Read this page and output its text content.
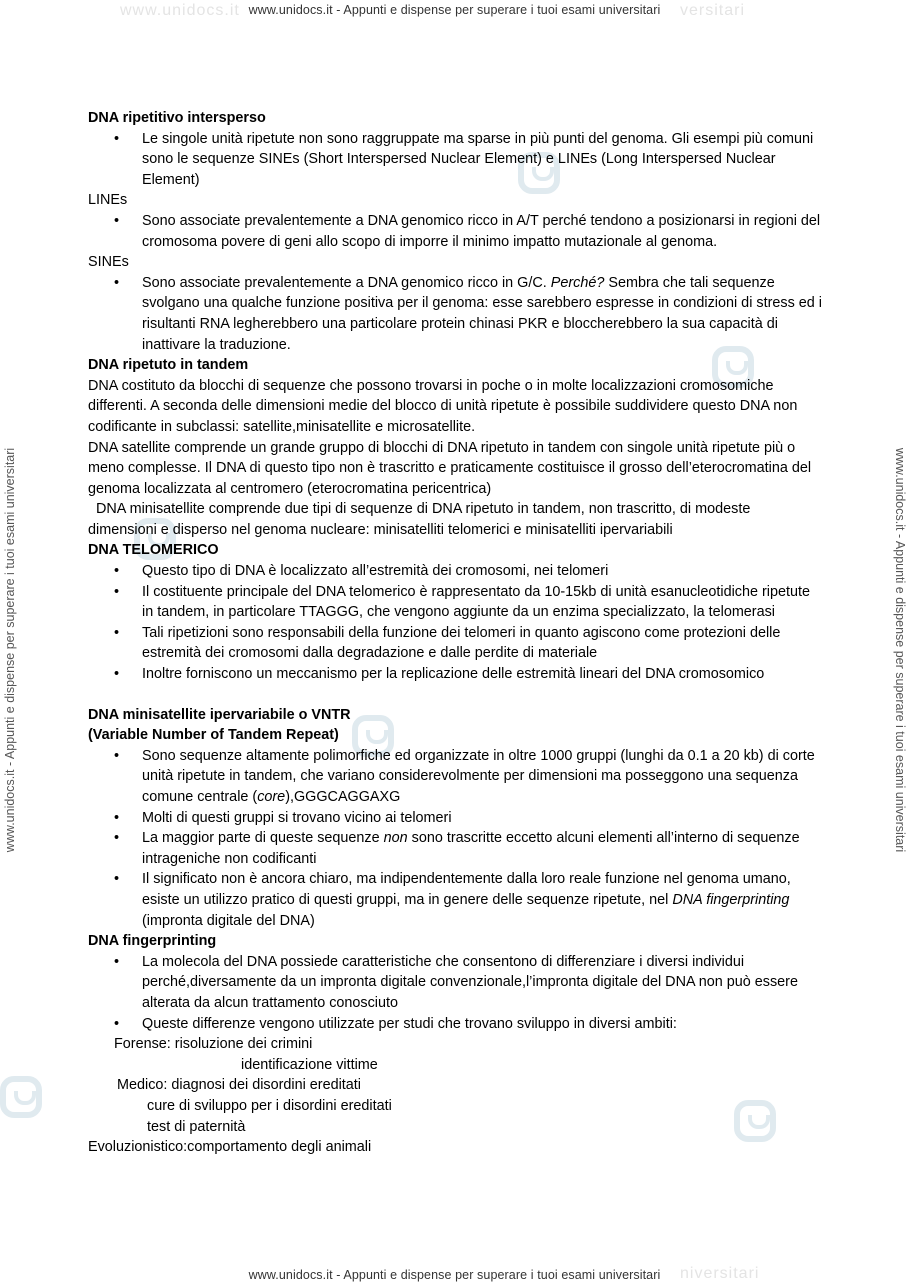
www.unidocs.it	versitari
www.unidocs.it - Appunti e dispense per superare i tuoi esami universitari
www.unidocs.it - Appunti e dispense per superare i tuoi esami universitari	www.unidocs.it - Appunti e dispense per superare i tuoi esami universitari
DNA ripetitivo intersperso
• Le singole unità ripetute non sono raggruppate ma sparse in più punti del genoma. Gli esempi più comuni sono le sequenze SINEs (Short Interspersed Nuclear Element) e LINEs (Long Interspersed Nuclear Element)
LINEs
• Sono associate prevalentemente a DNA genomico ricco in A/T perché tendono a posizionarsi in regioni del cromosoma povere di geni allo scopo di imporre il minimo impatto mutazionale al genoma.
SINEs
• Sono associate prevalentemente a DNA genomico ricco in G/C. Perché? Sembra che tali sequenze svolgano una qualche funzione positiva per il genoma: esse sarebbero espresse in condizioni di stress ed i risultanti RNA legherebbero una particolare protein chinasi PKR e bloccherebbero la sua capacità di inattivare la traduzione.
DNA ripetuto in tandem

DNA costituto da blocchi di sequenze che possono trovarsi in poche o in molte localizzazioni cromosomiche differenti. A seconda delle dimensioni medie del blocco di unità ripetute è possibile suddividere questo DNA non codificante in subclassi: satellite,minisatellite e microsatellite.

DNA satellite comprende un grande gruppo di blocchi di DNA ripetuto in tandem con singole unità ripetute più o meno complesse. Il DNA di questo tipo non è trascritto e praticamente costituisce il grosso dell’eterocromatina del genoma localizzata al centromero (eterocromatina pericentrica)

DNA minisatellite comprende due tipi di sequenze di DNA ripetuto in tandem, non trascritto, di modeste dimensioni e disperso nel genoma nucleare: minisatelliti telomerici e minisatelliti ipervariabili

DNA TELOMERICO
• Questo tipo di DNA è localizzato all’estremità dei cromosomi, nei telomeri
• Il costituente principale del DNA telomerico è rappresentato da 10-15kb di unità esanucleotidiche ripetute in tandem, in particolare TTAGGG, che vengono aggiunte da un enzima specializzato, la telomerasi
• Tali ripetizioni sono responsabili della funzione dei telomeri in quanto agiscono come protezioni delle estremità dei cromosomi dalla degradazione e dalle perdite di materiale
• Inoltre forniscono un meccanismo per la replicazione delle estremità lineari del DNA cromosomico
DNA minisatellite ipervariabile o VNTR
(Variable Number of Tandem Repeat)
• Sono sequenze altamente polimorfiche ed organizzate in oltre 1000 gruppi (lunghi da 0.1 a 20 kb) di corte unità ripetute in tandem, che variano considerevolmente per dimensioni ma posseggono una sequenza comune centrale (core),GGGCAGGAXG
• Molti di questi gruppi si trovano vicino ai telomeri
• La maggior parte di queste sequenze non sono trascritte eccetto alcuni elementi all’interno di sequenze intrageniche non codificanti
• Il significato non è ancora chiaro, ma indipendentemente dalla loro reale funzione nel genoma umano, esiste un utilizzo pratico di questi gruppi, ma in genere delle sequenze ripetute, nel DNA fingerprinting (impronta digitale del DNA)
DNA fingerprinting
• La molecola del DNA possiede caratteristiche che consentono di differenziare i diversi individui perché,diversamente da un impronta digitale convenzionale,l’impronta digitale del DNA non può essere alterata da alcun trattamento conosciuto
• Queste differenze vengono utilizzate per studi che trovano sviluppo in diversi ambiti:
Forense: risoluzione dei crimini
identificazione vittime
Medico: diagnosi dei disordini ereditati
cure di sviluppo per i disordini ereditati
test di paternità
Evoluzionistico:comportamento degli animali
niversitari
www.unidocs.it - Appunti e dispense per superare i tuoi esami universitari
